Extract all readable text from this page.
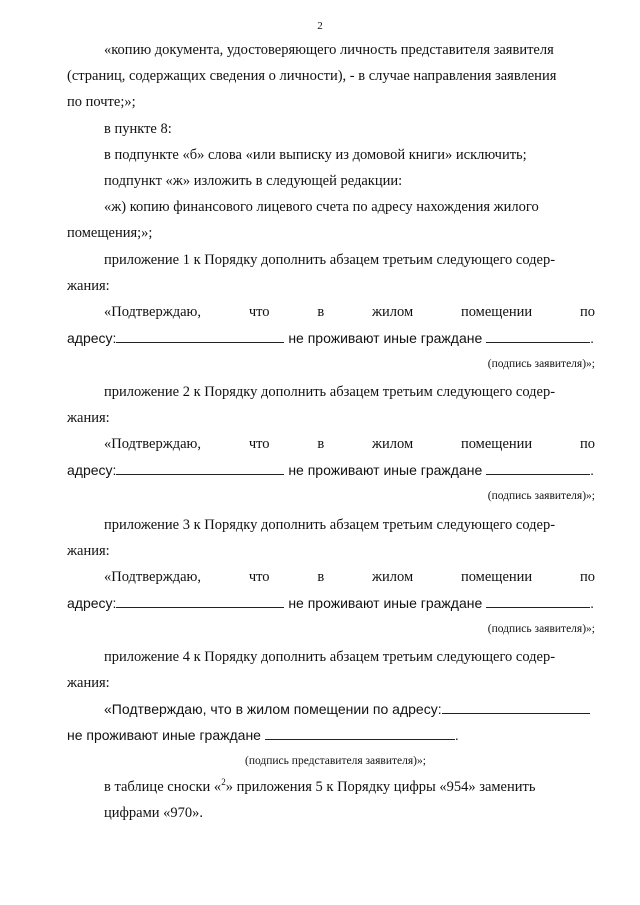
2
«копию документа, удостоверяющего личность представителя заявителя
(страниц, содержащих сведения о личности), - в случае направления заявления
по почте;»;
в пункте 8:
в подпункте «б» слова «или выписку из домовой книги» исключить;
подпункт «ж» изложить в следующей редакции:
«ж) копию финансового лицевого счета по адресу нахождения жилого
помещения;»;
приложение 1 к Порядку дополнить абзацем третьим следующего содер-
жания:
«Подтверждаю,	что	в	жилом	помещении	по
адресу:	не проживают иные граждане	.
(подпись заявителя)»;
приложение 2 к Порядку дополнить абзацем третьим следующего содер-
жания:
«Подтверждаю,	что	в	жилом	помещении	по
адресу:	не проживают иные граждане	.
(подпись заявителя)»;
приложение 3 к Порядку дополнить абзацем третьим следующего содер-
жания:
«Подтверждаю,	что	в	жилом	помещении	по
адресу:	не проживают иные граждане	.
(подпись заявителя)»;
приложение 4 к Порядку дополнить абзацем третьим следующего содер-
жания:
«Подтверждаю, что в жилом помещении по адресу:
не проживают иные граждане	.
(подпись представителя заявителя)»;
в таблице сноски «$^2$» приложения 5 к Порядку цифры «954» заменить
цифрами «970».
